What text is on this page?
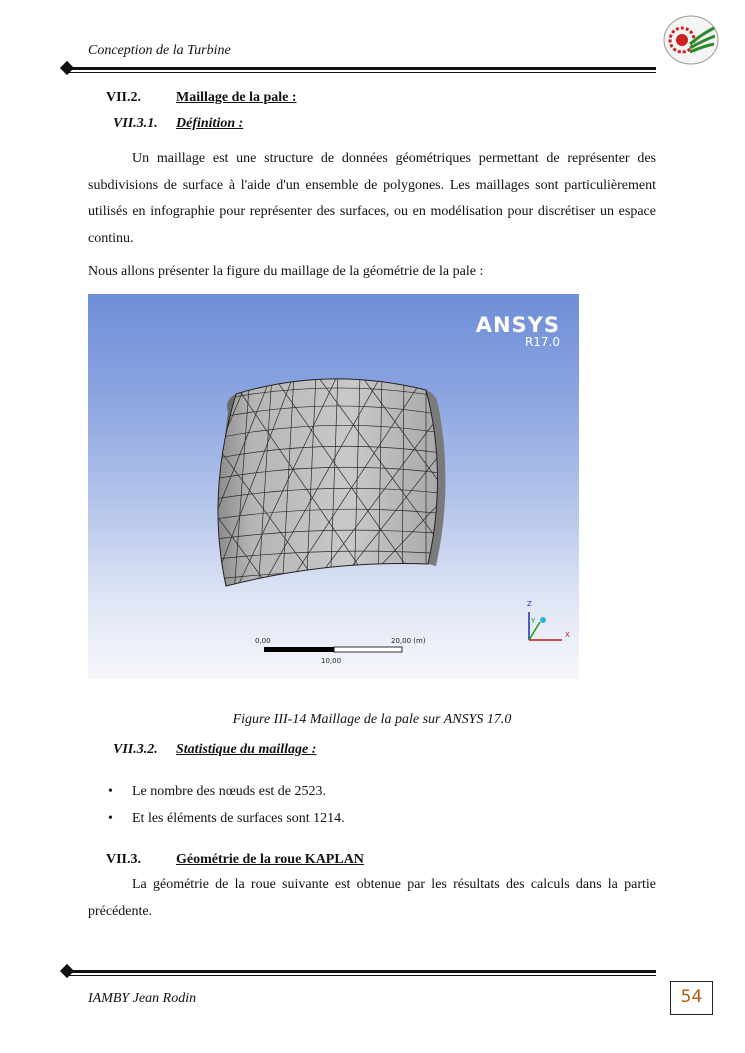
Conception de la Turbine
VII.2. Maillage de la pale :
VII.3.1. Définition :
Un maillage est une structure de données géométriques permettant de représenter des subdivisions de surface à l'aide d'un ensemble de polygones. Les maillages sont particulièrement utilisés en infographie pour représenter des surfaces, ou en modélisation pour discrétiser un espace continu.
Nous allons présenter la figure du maillage de la géométrie de la pale :
ANSYS
R17.0
0,00	20,00 (m)
10,00
Z
Y
X
Figure III-14 Maillage de la pale sur ANSYS 17.0
VII.3.2. Statistique du maillage :
• Le nombre des nœuds est de 2523.
• Et les éléments de surfaces sont 1214.
VII.3. Géométrie de la roue KAPLAN
La géométrie de la roue suivante est obtenue par les résultats des calculs dans la partie précédente.
IAMBY Jean Rodin	54
